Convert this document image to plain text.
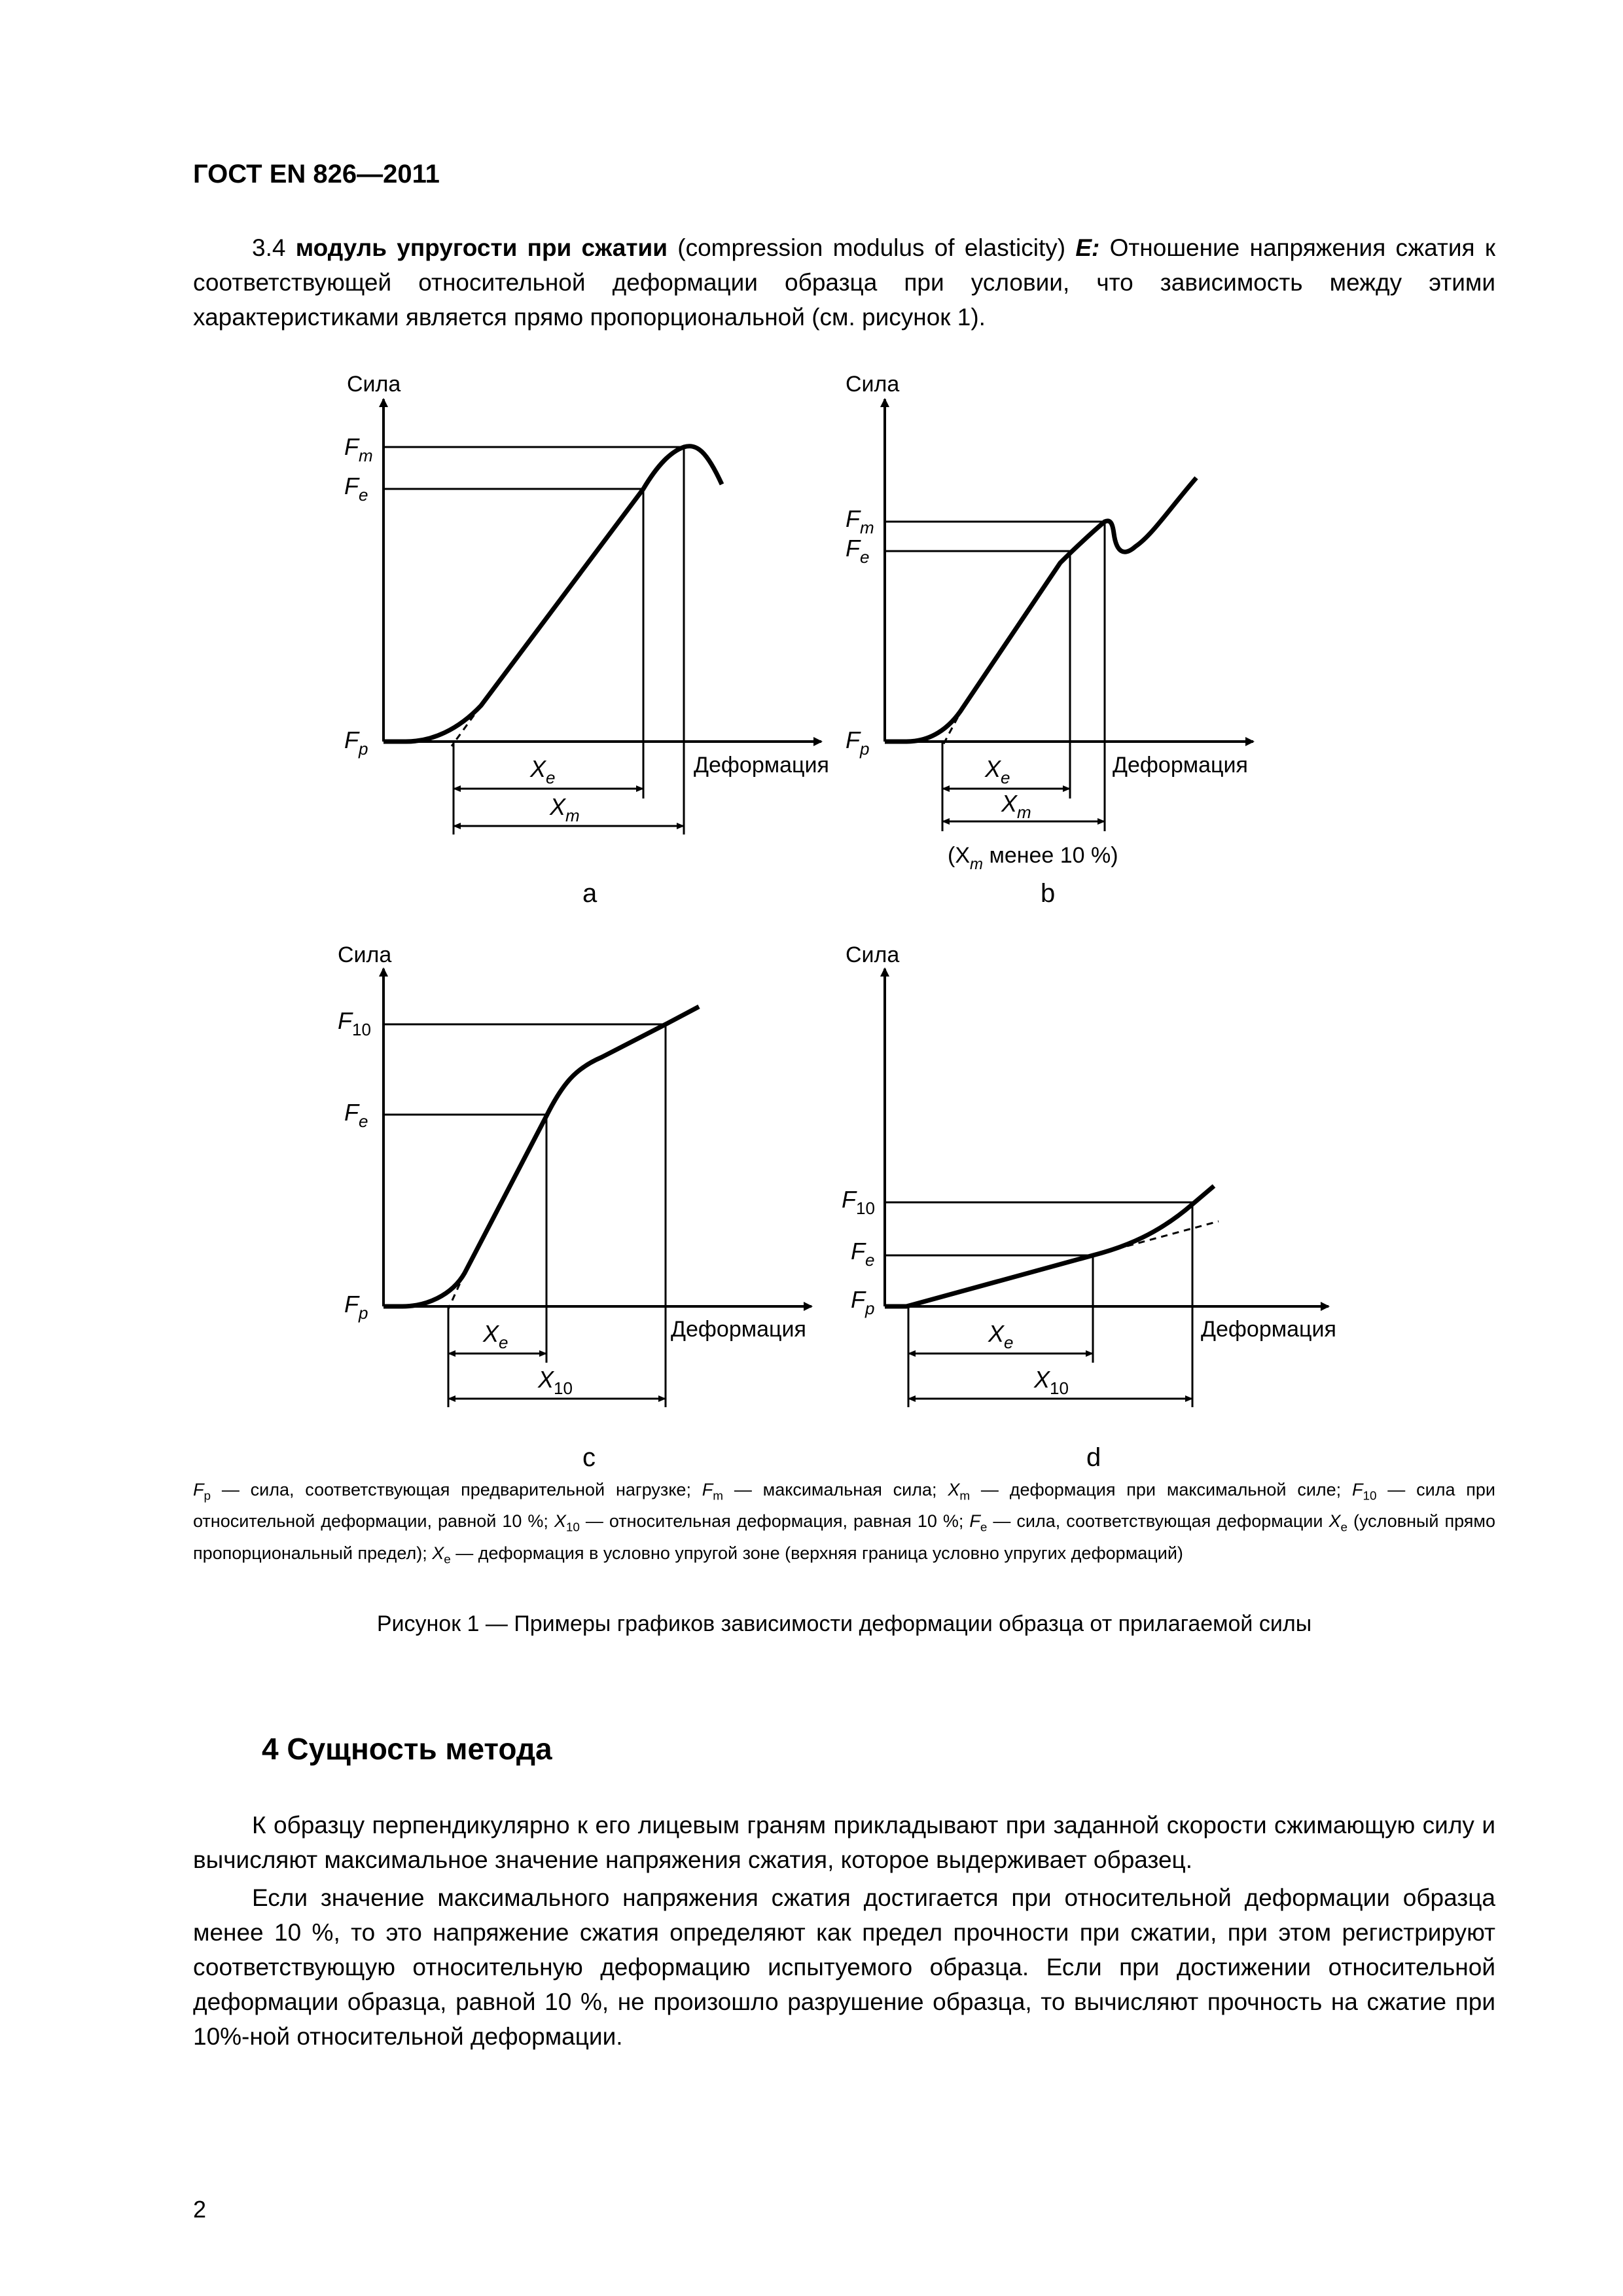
ГОСТ EN 826—2011
3.4 модуль упругости при сжатии (compression modulus of elasticity) E: Отношение напряжения сжатия к соответствующей относительной деформации образца при условии, что зависимость между этими характеристиками является прямо пропорциональной (см. рисунок 1).
Сила
Деформация
$F_m$
$F_e$
$F_p$
$X_e$
$X_m$
a
Сила
Деформация
$F_m$
$F_e$
$F_p$
$X_e$
$X_m$
($X_m$ менее 10 %)
b
Сила
Деформация
$F_{10}$
$F_e$
$F_p$
$X_e$
$X_{10}$
c
Сила
Деформация
$F_{10}$
$F_e$
$F_p$
$X_e$
$X_{10}$
d
$F_p$ — сила, соответствующая предварительной нагрузке; $F_m$ — максимальная сила; $X_m$ — деформация при максимальной силе; $F_{10}$ — сила при относительной деформации, равной 10 %; $X_{10}$ — относительная деформация, равная 10 %; $F_e$ — сила, соответствующая деформации $X_e$ (условный прямо пропорциональный предел); $X_e$ — деформация в условно упругой зоне (верхняя граница условно упругих деформаций)
Рисунок 1 — Примеры графиков зависимости деформации образца от прилагаемой силы
4 Сущность метода
К образцу перпендикулярно к его лицевым граням прикладывают при заданной скорости сжимающую силу и вычисляют максимальное значение напряжения сжатия, которое выдерживает образец.
Если значение максимального напряжения сжатия достигается при относительной деформации образца менее 10 %, то это напряжение сжатия определяют как предел прочности при сжатии, при этом регистрируют соответствующую относительную деформацию испытуемого образца. Если при достижении относительной деформации образца, равной 10 %, не произошло разрушение образца, то вычисляют прочность на сжатие при 10%-ной относительной деформации.
2
